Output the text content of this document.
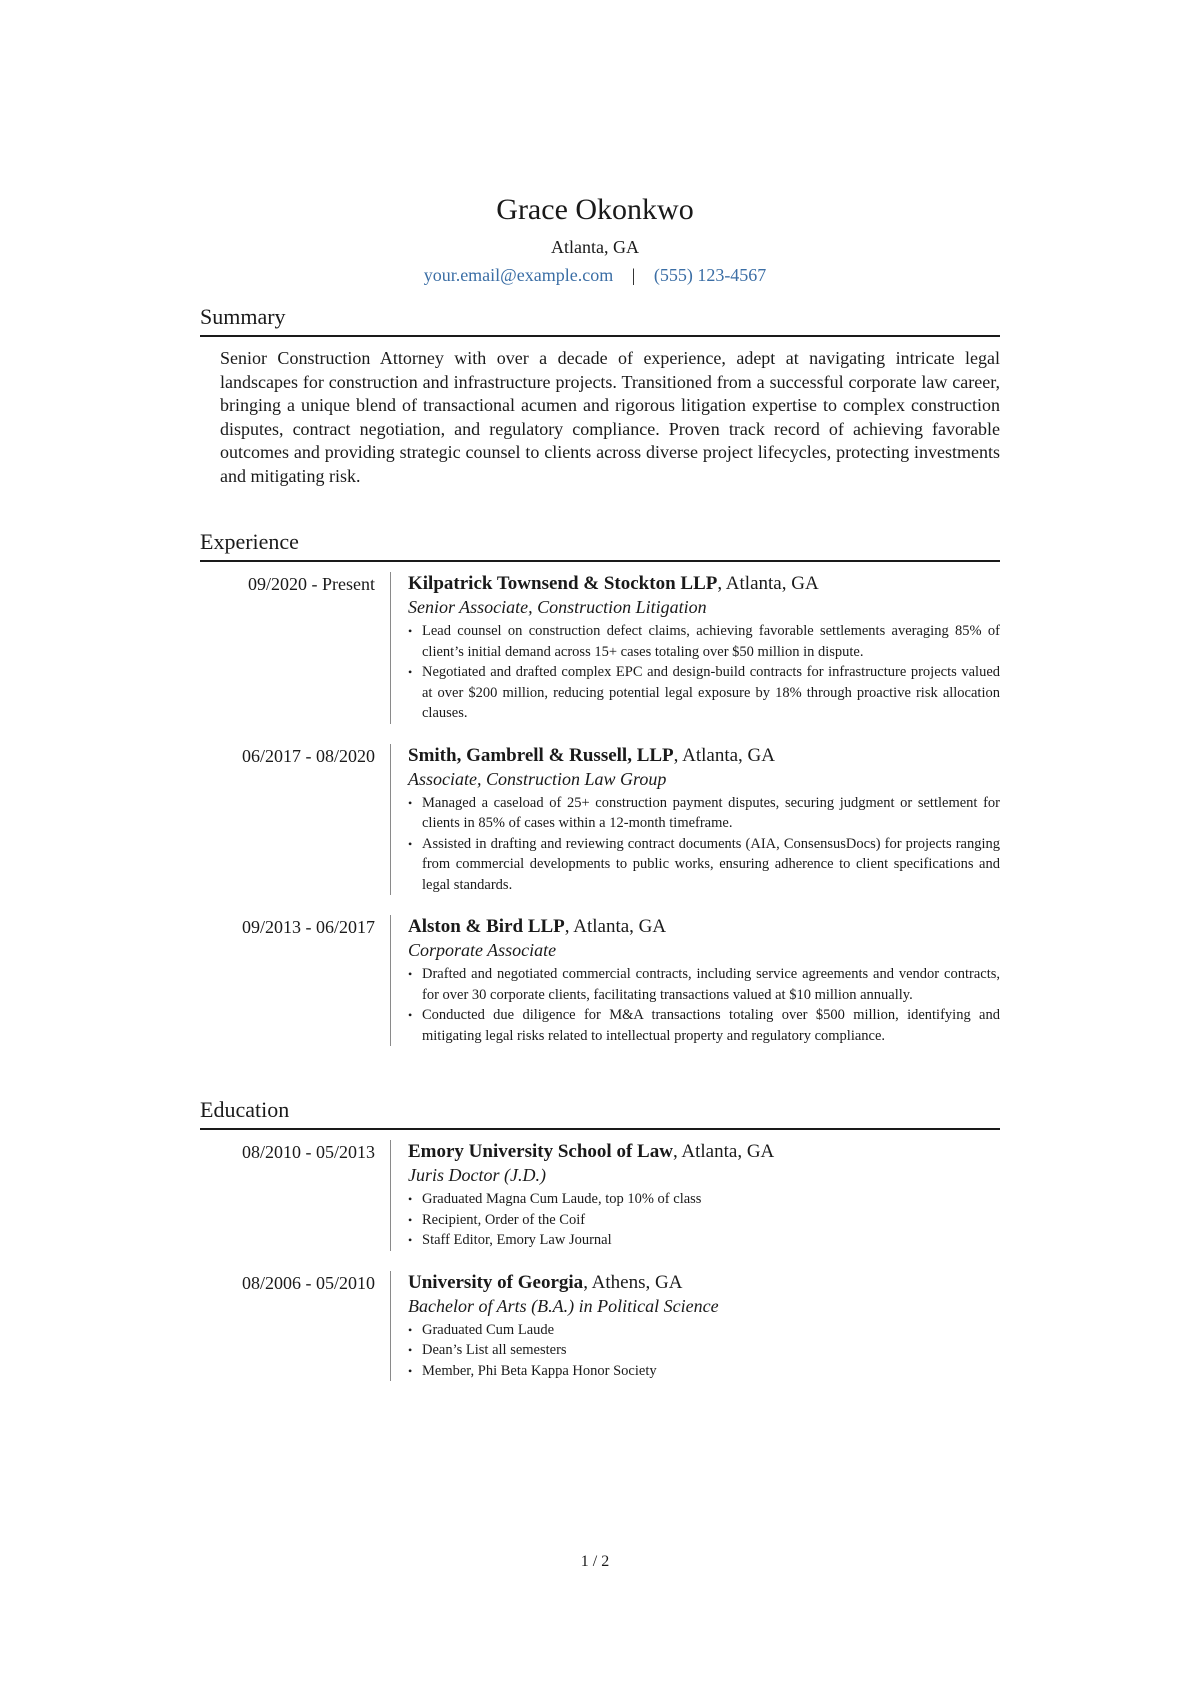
Grace Okonkwo
Atlanta, GA
your.email@example.com | (555) 123-4567
Summary
Senior Construction Attorney with over a decade of experience, adept at navigating intricate legal landscapes for construction and infrastructure projects. Transitioned from a successful corporate law career, bringing a unique blend of transactional acumen and rigorous litigation expertise to complex construction disputes, contract negotiation, and regulatory compliance. Proven track record of achieving favorable outcomes and providing strategic counsel to clients across diverse project lifecycles, protecting investments and mitigating risk.
Experience
09/2020 - Present Kilpatrick Townsend & Stockton LLP, Atlanta, GA
Senior Associate, Construction Litigation
• Lead counsel on construction defect claims, achieving favorable settlements averaging 85% of client’s initial demand across 15+ cases totaling over $50 million in dispute.
• Negotiated and drafted complex EPC and design-build contracts for infrastructure projects valued at over $200 million, reducing potential legal exposure by 18% through proactive risk allocation clauses.
06/2017 - 08/2020 Smith, Gambrell & Russell, LLP, Atlanta, GA
Associate, Construction Law Group
• Managed a caseload of 25+ construction payment disputes, securing judgment or settlement for clients in 85% of cases within a 12-month timeframe.
• Assisted in drafting and reviewing contract documents (AIA, ConsensusDocs) for projects ranging from commercial developments to public works, ensuring adherence to client specifications and legal standards.
09/2013 - 06/2017 Alston & Bird LLP, Atlanta, GA
Corporate Associate
• Drafted and negotiated commercial contracts, including service agreements and vendor contracts, for over 30 corporate clients, facilitating transactions valued at $10 million annually.
• Conducted due diligence for M&A transactions totaling over $500 million, identifying and mitigating legal risks related to intellectual property and regulatory compliance.
Education
08/2010 - 05/2013 Emory University School of Law, Atlanta, GA
Juris Doctor (J.D.)
• Graduated Magna Cum Laude, top 10% of class
• Recipient, Order of the Coif
• Staff Editor, Emory Law Journal
08/2006 - 05/2010 University of Georgia, Athens, GA
Bachelor of Arts (B.A.) in Political Science
• Graduated Cum Laude
• Dean’s List all semesters
• Member, Phi Beta Kappa Honor Society
1 / 2
